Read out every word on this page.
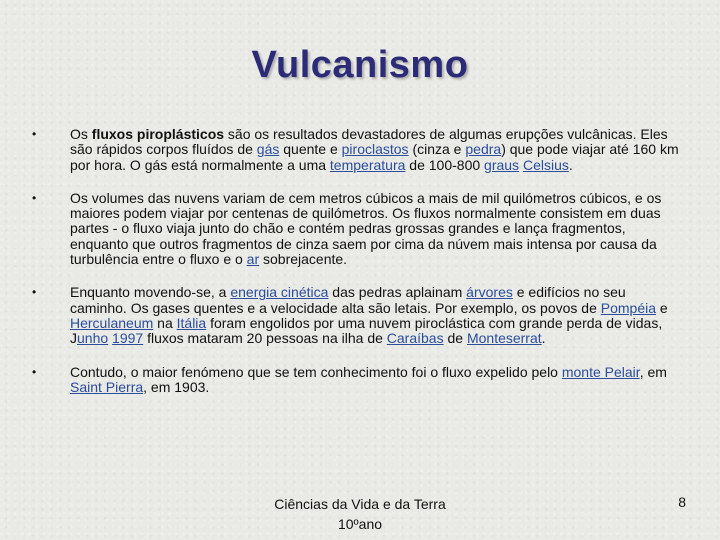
Vulcanismo
• Os fluxos piroplásticos são os resultados devastadores de algumas erupções vulcânicas. Eles são rápidos corpos fluídos de gás quente e piroclastos (cinza e pedra) que pode viajar até 160 km por hora. O gás está normalmente a uma temperatura de 100-800 graus Celsius.
• Os volumes das nuvens variam de cem metros cúbicos a mais de mil quilómetros cúbicos, e os maiores podem viajar por centenas de quilómetros. Os fluxos normalmente consistem em duas partes - o fluxo viaja junto do chão e contém pedras grossas grandes e lança fragmentos, enquanto que outros fragmentos de cinza saem por cima da núvem mais intensa por causa da turbulência entre o fluxo e o ar sobrejacente.
• Enquanto movendo-se, a energia cinética das pedras aplainam árvores e edifícios no seu caminho. Os gases quentes e a velocidade alta são letais. Por exemplo, os povos de Pompéia e Herculaneum na Itália foram engolidos por uma nuvem piroclástica com grande perda de vidas, Junho 1997 fluxos mataram 20 pessoas na ilha de Caraíbas de Monteserrat.
• Contudo, o maior fenómeno que se tem conhecimento foi o fluxo expelido pelo monte Pelair, em Saint Pierra, em 1903.
Ciências da Vida e da Terra
10ºano
8
